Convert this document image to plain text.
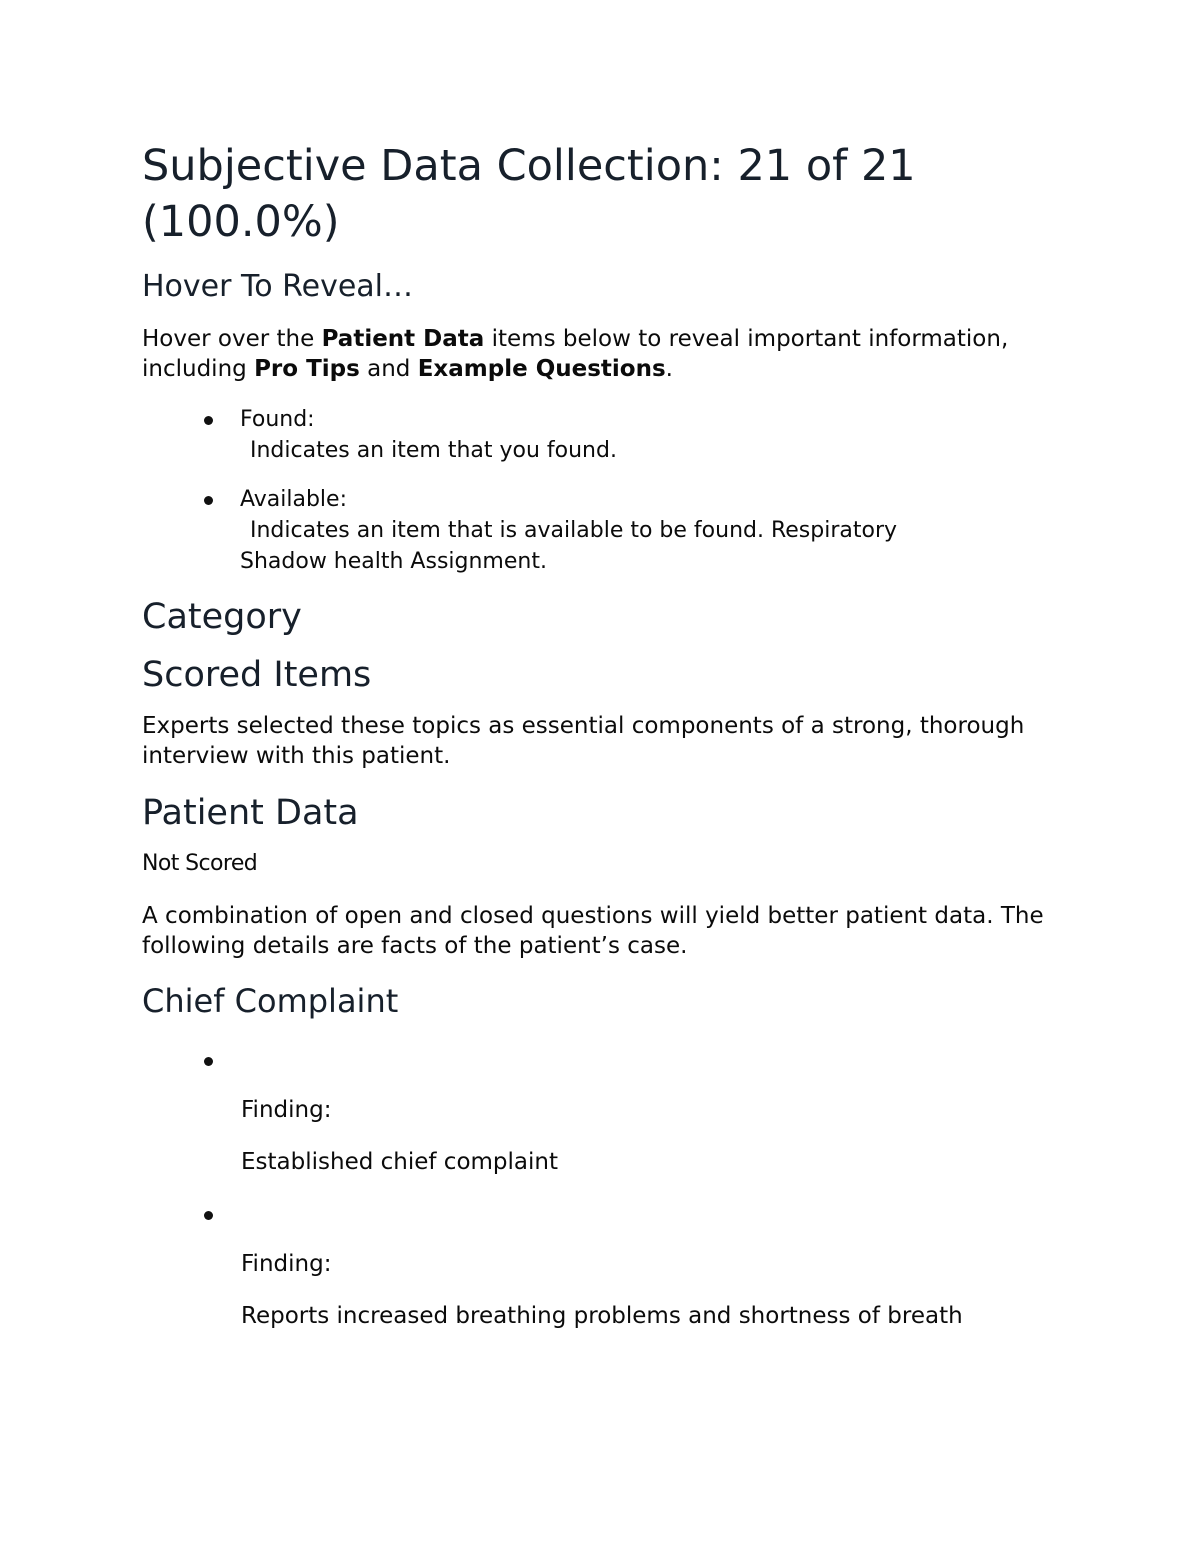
Subjective Data Collection: 21 of 21 (100.0%)
Hover To Reveal…

Hover over the Patient Data items below to reveal important information, including Pro Tips and Example Questions.

Found:
Indicates an item that you found.
Available:
Indicates an item that is available to be found. Respiratory
Shadow health Assignment.
Category
Scored Items

Experts selected these topics as essential components of a strong, thorough interview with this patient.

Patient Data

Not Scored

A combination of open and closed questions will yield better patient data. The following details are facts of the patient’s case.

Chief Complaint

Finding:

Established chief complaint

Finding:

Reports increased breathing problems and shortness of breath
